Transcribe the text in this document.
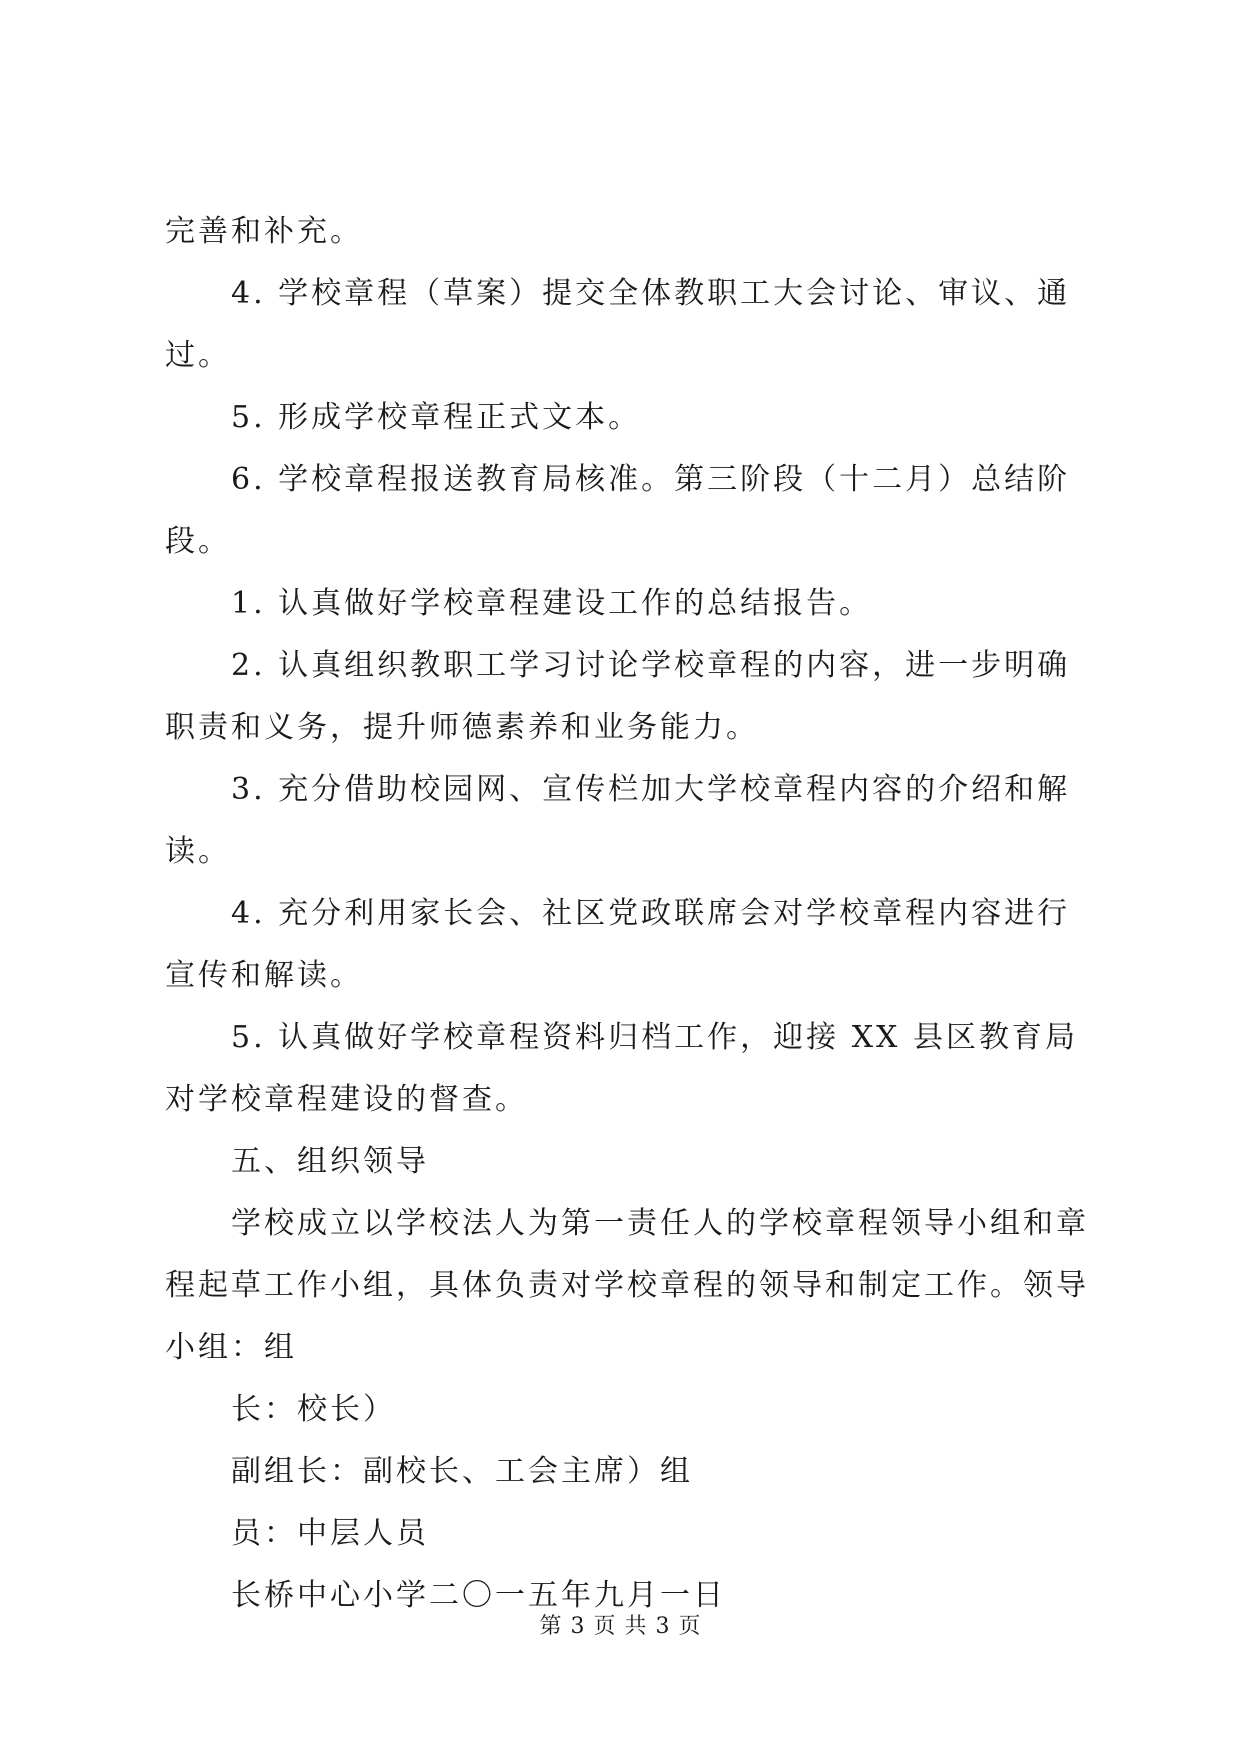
完善和补充。

4. 学校章程（草案）提交全体教职工大会讨论、审议、通过。

5. 形成学校章程正式文本。

6. 学校章程报送教育局核准。第三阶段（十二月）总结阶段。

1. 认真做好学校章程建设工作的总结报告。

2. 认真组织教职工学习讨论学校章程的内容，进一步明确职责和义务，提升师德素养和业务能力。

3. 充分借助校园网、宣传栏加大学校章程内容的介绍和解读。

4. 充分利用家长会、社区党政联席会对学校章程内容进行宣传和解读。

5. 认真做好学校章程资料归档工作，迎接 XX 县区教育局对学校章程建设的督查。

五、组织领导

学校成立以学校法人为第一责任人的学校章程领导小组和章程起草工作小组，具体负责对学校章程的领导和制定工作。领导小组：组

长：校长）

副组长：副校长、工会主席）组

员：中层人员

长桥中心小学二〇一五年九月一日

第 3 页 共 3 页
